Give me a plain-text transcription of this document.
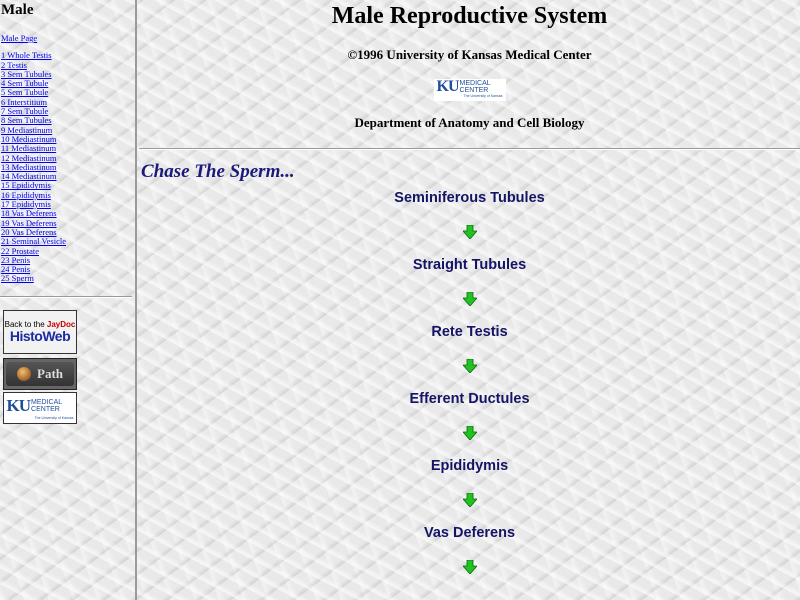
Male
Male Page
1 Whole Testis
2 Testis
3 Sem Tubules
4 Sem Tubule
5 Sem Tubule
6 Interstitium
7 Sem Tubule
8 Sem Tubules
9 Mediastinum
10 Mediastinum
11 Mediastinum
12 Mediastinum
13 Mediastinum
14 Mediastinum
15 Epididymis
16 Epididymis
17 Epididymis
18 Vas Deferens
19 Vas Deferens
20 Vas Deferens
21 Seminal Vesicle
22 Prostate
23 Penis
24 Penis
25 Sperm
Back to the JayDoc
HistoWeb
Path
KU MEDICAL
CENTER
The University of Kansas
Male Reproductive System
©1996 University of Kansas Medical Center
KU MEDICAL
CENTER
The University of Kansas
Department of Anatomy and Cell Biology
Chase The Sperm...
Seminiferous Tubules
Straight Tubules
Rete Testis
Efferent Ductules
Epididymis
Vas Deferens
